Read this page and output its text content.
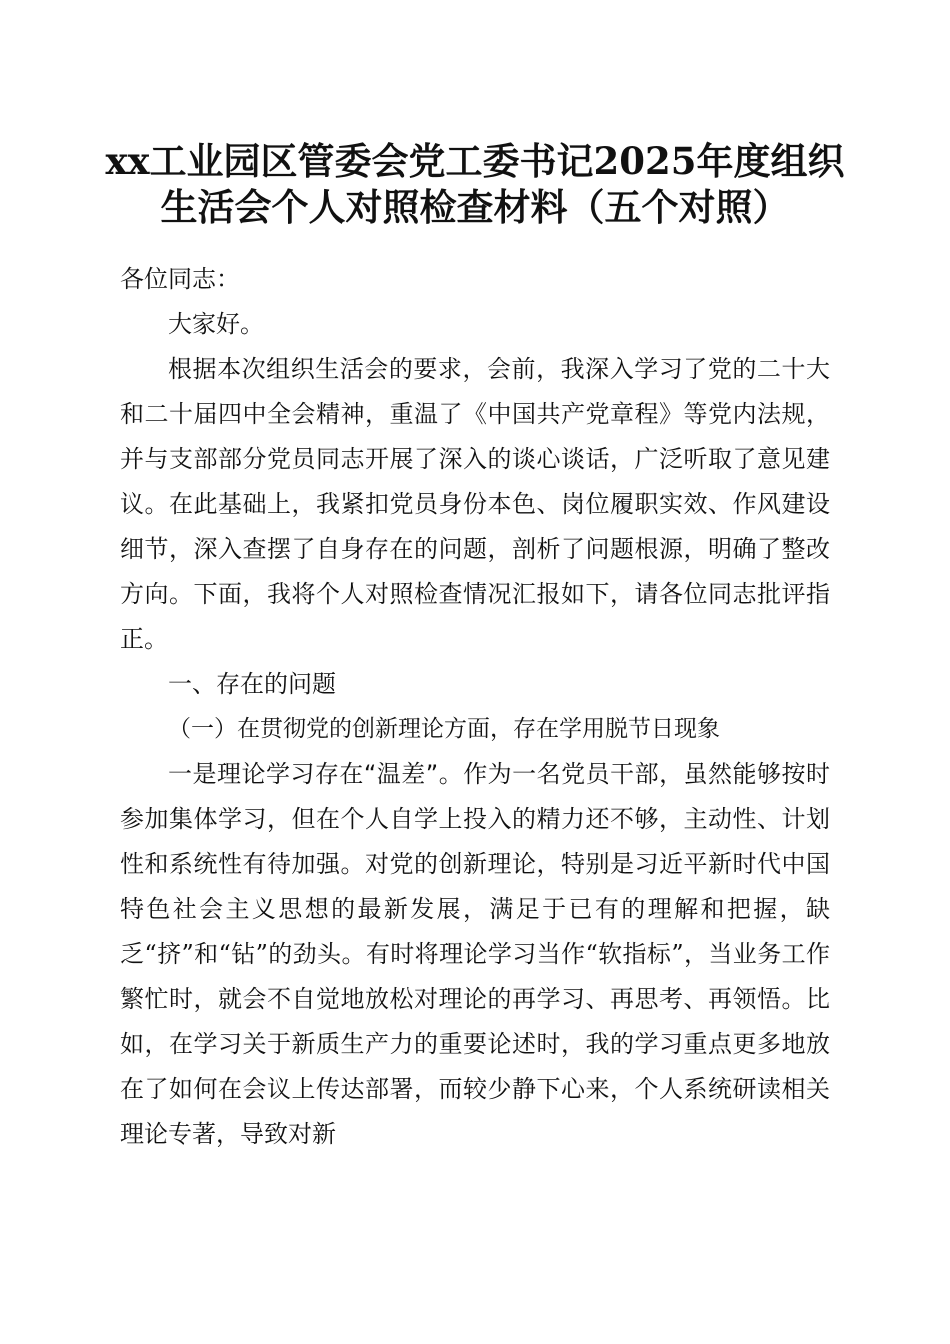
xx工业园区管委会党工委书记2025年度组织
生活会个人对照检查材料（五个对照）

各位同志：

大家好。

根据本次组织生活会的要求，会前，我深入学习了党的二十大和二十届四中全会精神，重温了《中国共产党章程》等党内法规，并与支部部分党员同志开展了深入的谈心谈话，广泛听取了意见建议。在此基础上，我紧扣党员身份本色、岗位履职实效、作风建设细节，深入查摆了自身存在的问题，剖析了问题根源，明确了整改方向。下面，我将个人对照检查情况汇报如下，请各位同志批评指正。

一、存在的问题

（一）在贯彻党的创新理论方面，存在学用脱节日现象

一是理论学习存在“温差”。作为一名党员干部，虽然能够按时参加集体学习，但在个人自学上投入的精力还不够，主动性、计划性和系统性有待加强。对党的创新理论，特别是习近平新时代中国特色社会主义思想的最新发展，满足于已有的理解和把握，缺乏“挤”和“钻”的劲头。有时将理论学习当作“软指标”，当业务工作繁忙时，就会不自觉地放松对理论的再学习、再思考、再领悟。比如，在学习关于新质生产力的重要论述时，我的学习重点更多地放在了如何在会议上传达部署，而较少静下心来，个人系统研读相关理论专著，导致对新
